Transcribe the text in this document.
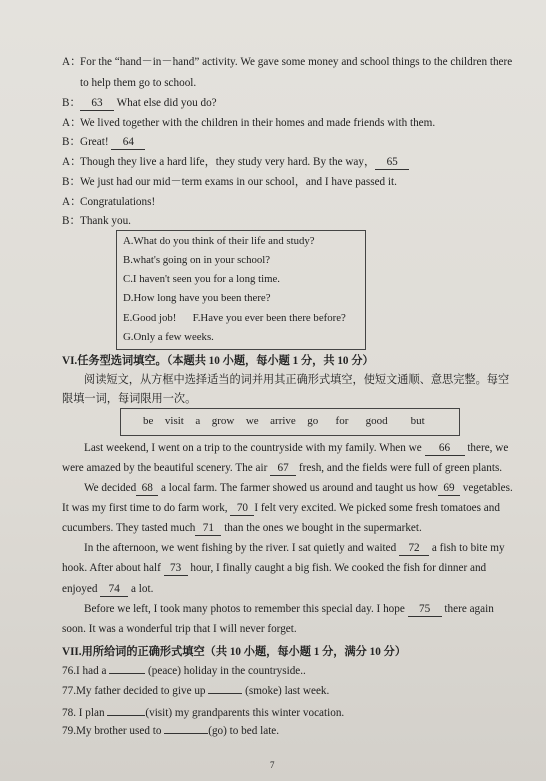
A：For the “hand－in－hand” activity. We gave some money and school things to the children there
to help them go to school.
B： 63 What else did you do?
A：We lived together with the children in their homes and made friends with them.
B：Great! 64
A：Though they live a hard life，they study very hard. By the way， 65
B：We just had our mid－term exams in our school，and I have passed it.
A：Congratulations!
B：Thank you.
A.What do you think of their life and study?
B.what's going on in your school?
C.I haven't seen you for a long time.
D.How long have you been there?
E.Good job!      F.Have you ever been there before?
G.Only a few weeks.
VI.任务型选词填空。（本题共 10 小题，每小题 1 分，共 10 分）
阅读短文，从方框中选择适当的词并用其正确形式填空，使短文通顺、意思完整。每空
限填一词，每词限用一次。
be  visit  a  grow  we  arrive  go   for   good    but
Last weekend, I went on a trip to the countryside with my family. When we 66 there, we
were amazed by the beautiful scenery. The air 67 fresh, and the fields were full of green plants.
We decided 68 a local farm. The farmer showed us around and taught us how 69 vegetables.
It was my first time to do farm work, 70 I felt very excited. We picked some fresh tomatoes and
cucumbers. They tasted much 71 than the ones we bought in the supermarket.
In the afternoon, we went fishing by the river. I sat quietly and waited 72 a fish to bite my
hook. After about half 73 hour, I finally caught a big fish. We cooked the fish for dinner and
enjoyed 74 a lot.
Before we left, I took many photos to remember this special day. I hope 75 there again
soon. It was a wonderful trip that I will never forget.
VII.用所给词的正确形式填空（共 10 小题，每小题 1 分，满分 10 分）
76.I had a	(peace) holiday in the countryside..
77.My father decided to give up	(smoke) last week.
78. I plan	(visit) my grandparents this winter vocation.
79.My brother used to	(go) to bed late.
7
